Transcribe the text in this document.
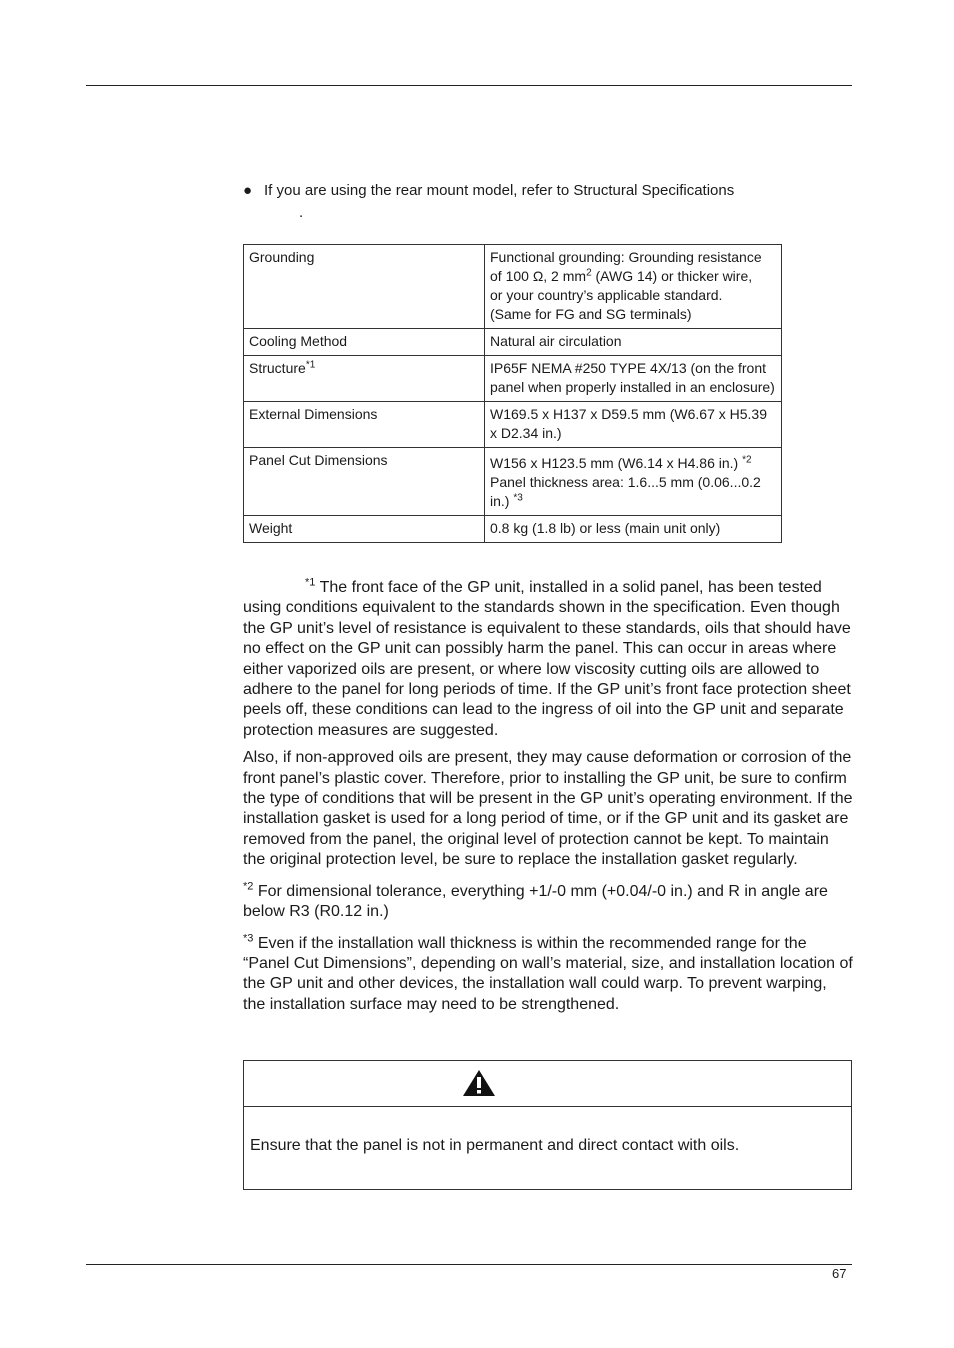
● If you are using the rear mount model, refer to Structural Specifications
.
Grounding	Functional grounding: Grounding resistance
of 100 Ω, 2 $mm^2$ (AWG 14) or thicker wire,
or your country’s applicable standard.
(Same for FG and SG terminals)
Cooling Method	Natural air circulation
Structure$^{*1}$	IP65F NEMA #250 TYPE 4X/13 (on the front panel when properly installed in an enclosure)
External Dimensions	W169.5 x H137 x D59.5 mm (W6.67 x H5.39 x D2.34 in.)
Panel Cut Dimensions	W156 x H123.5 mm (W6.14 x H4.86 in.) $^{*2}$
Panel thickness area: 1.6...5 mm (0.06...0.2 in.) $^{*3}$
Weight	0.8 kg (1.8 lb) or less (main unit only)

$^{*1}$ The front face of the GP unit, installed in a solid panel, has been tested using conditions equivalent to the standards shown in the specification. Even though the GP unit’s level of resistance is equivalent to these standards, oils that should have no effect on the GP unit can possibly harm the panel. This can occur in areas where either vaporized oils are present, or where low viscosity cutting oils are allowed to adhere to the panel for long periods of time. If the GP unit’s front face protection sheet peels off, these conditions can lead to the ingress of oil into the GP unit and separate protection measures are suggested.

Also, if non-approved oils are present, they may cause deformation or corrosion of the front panel’s plastic cover. Therefore, prior to installing the GP unit, be sure to confirm the type of conditions that will be present in the GP unit’s operating environment. If the installation gasket is used for a long period of time, or if the GP unit and its gasket are removed from the panel, the original level of protection cannot be kept. To maintain the original protection level, be sure to replace the installation gasket regularly.

$^{*2}$ For dimensional tolerance, everything +1/-0 mm (+0.04/-0 in.) and R in angle are below R3 (R0.12 in.)

$^{*3}$ Even if the installation wall thickness is within the recommended range for the “Panel Cut Dimensions”, depending on wall’s material, size, and installation location of the GP unit and other devices, the installation wall could warp. To prevent warping, the installation surface may need to be strengthened.

Ensure that the panel is not in permanent and direct contact with oils.
67
